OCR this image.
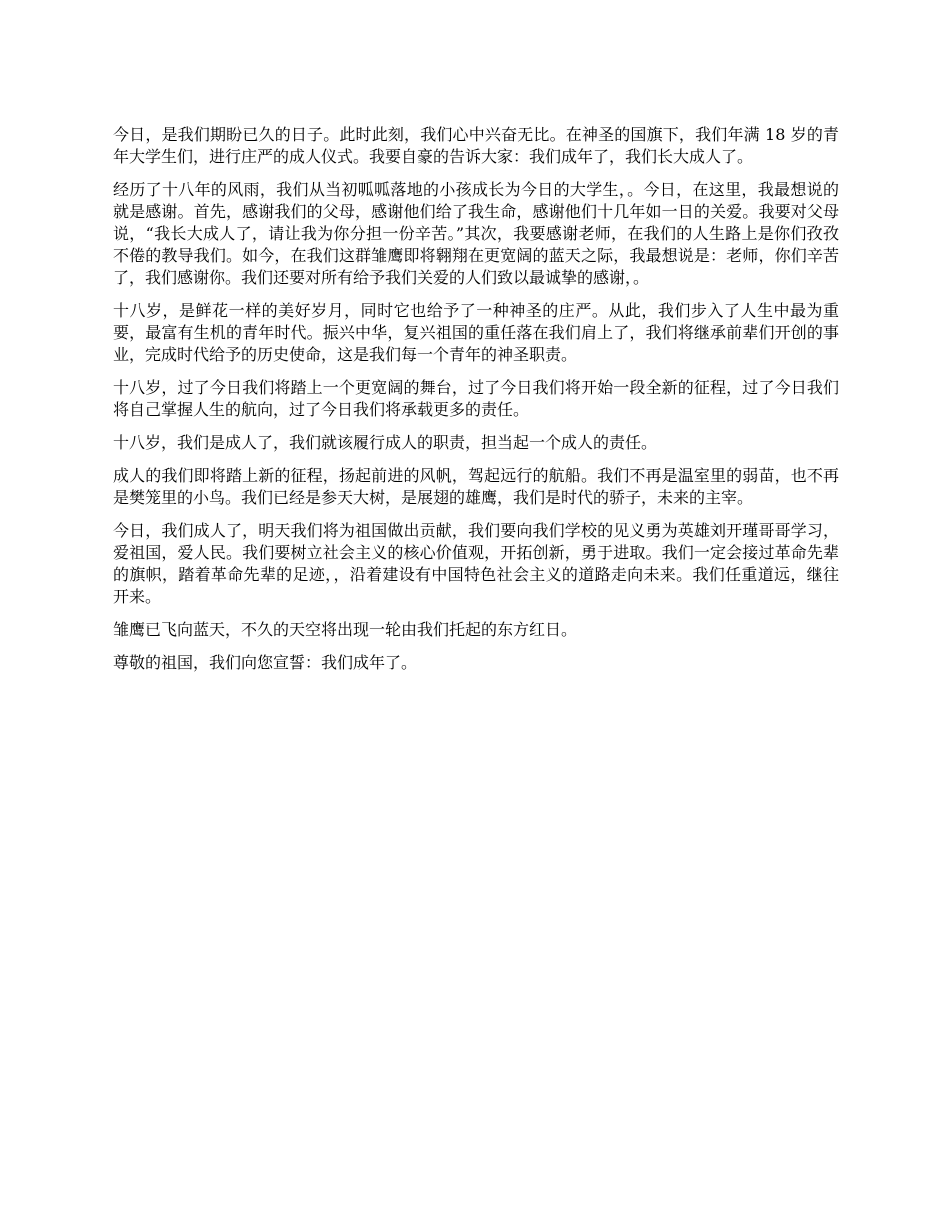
今日，是我们期盼已久的日子。此时此刻，我们心中兴奋无比。在神圣的国旗下，我们年满 18 岁的青年大学生们，进行庄严的成人仪式。我要自豪的告诉大家：我们成年了，我们长大成人了。

经历了十八年的风雨，我们从当初呱呱落地的小孩成长为今日的大学生，。今日，在这里，我最想说的就是感谢。首先，感谢我们的父母，感谢他们给了我生命，感谢他们十几年如一日的关爱。我要对父母说，“我长大成人了，请让我为你分担一份辛苦。”其次，我要感谢老师，在我们的人生路上是你们孜孜不倦的教导我们。如今，在我们这群雏鹰即将翱翔在更宽阔的蓝天之际，我最想说是：老师，你们辛苦了，我们感谢你。我们还要对所有给予我们关爱的人们致以最诚挚的感谢，。

十八岁，是鲜花一样的美好岁月，同时它也给予了一种神圣的庄严。从此，我们步入了人生中最为重要，最富有生机的青年时代。振兴中华，复兴祖国的重任落在我们肩上了，我们将继承前辈们开创的事业，完成时代给予的历史使命，这是我们每一个青年的神圣职责。

十八岁，过了今日我们将踏上一个更宽阔的舞台，过了今日我们将开始一段全新的征程，过了今日我们将自己掌握人生的航向，过了今日我们将承载更多的责任。

十八岁，我们是成人了，我们就该履行成人的职责，担当起一个成人的责任。

成人的我们即将踏上新的征程，扬起前进的风帆，驾起远行的航船。我们不再是温室里的弱苗，也不再是樊笼里的小鸟。我们已经是参天大树，是展翅的雄鹰，我们是时代的骄子，未来的主宰。

今日，我们成人了，明天我们将为祖国做出贡献，我们要向我们学校的见义勇为英雄刘开瑾哥哥学习，爱祖国，爱人民。我们要树立社会主义的核心价值观，开拓创新，勇于进取。我们一定会接过革命先辈的旗帜，踏着革命先辈的足迹，，沿着建设有中国特色社会主义的道路走向未来。我们任重道远，继往开来。

雏鹰已飞向蓝天，不久的天空将出现一轮由我们托起的东方红日。

尊敬的祖国，我们向您宣誓：我们成年了。
